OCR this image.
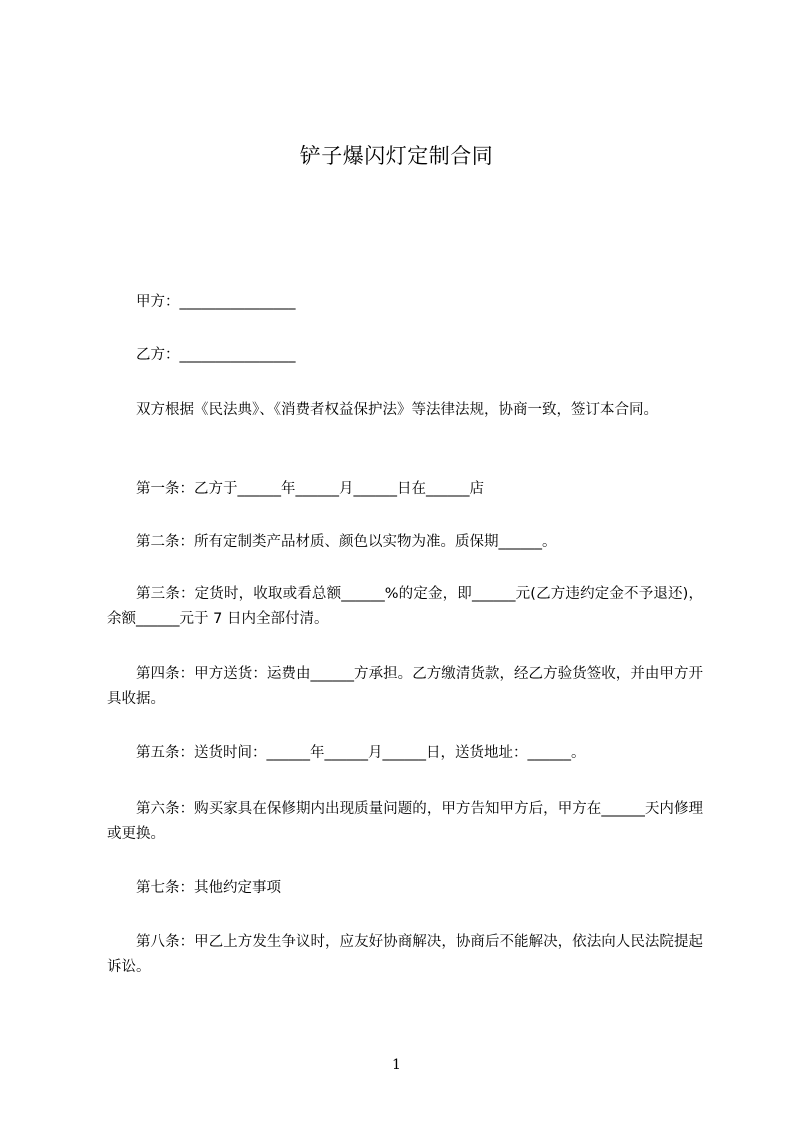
铲子爆闪灯定制合同
甲方：________________
乙方：________________
双方根据《民法典》、《消费者权益保护法》等法律法规，协商一致，签订本合同。
第一条：乙方于______年______月______日在______店
第二条：所有定制类产品材质、颜色以实物为准。质保期______。
第三条：定货时，收取或看总额______%的定金，即______元(乙方违约定金不予退还)，余额______元于 7 日内全部付清。
第四条：甲方送货：运费由______方承担。乙方缴清货款，经乙方验货签收，并由甲方开具收据。
第五条：送货时间：______年______月______日，送货地址：______。
第六条：购买家具在保修期内出现质量问题的，甲方告知甲方后，甲方在______天内修理或更换。
第七条：其他约定事项
第八条：甲乙上方发生争议时，应友好协商解决，协商后不能解决，依法向人民法院提起诉讼。
1
